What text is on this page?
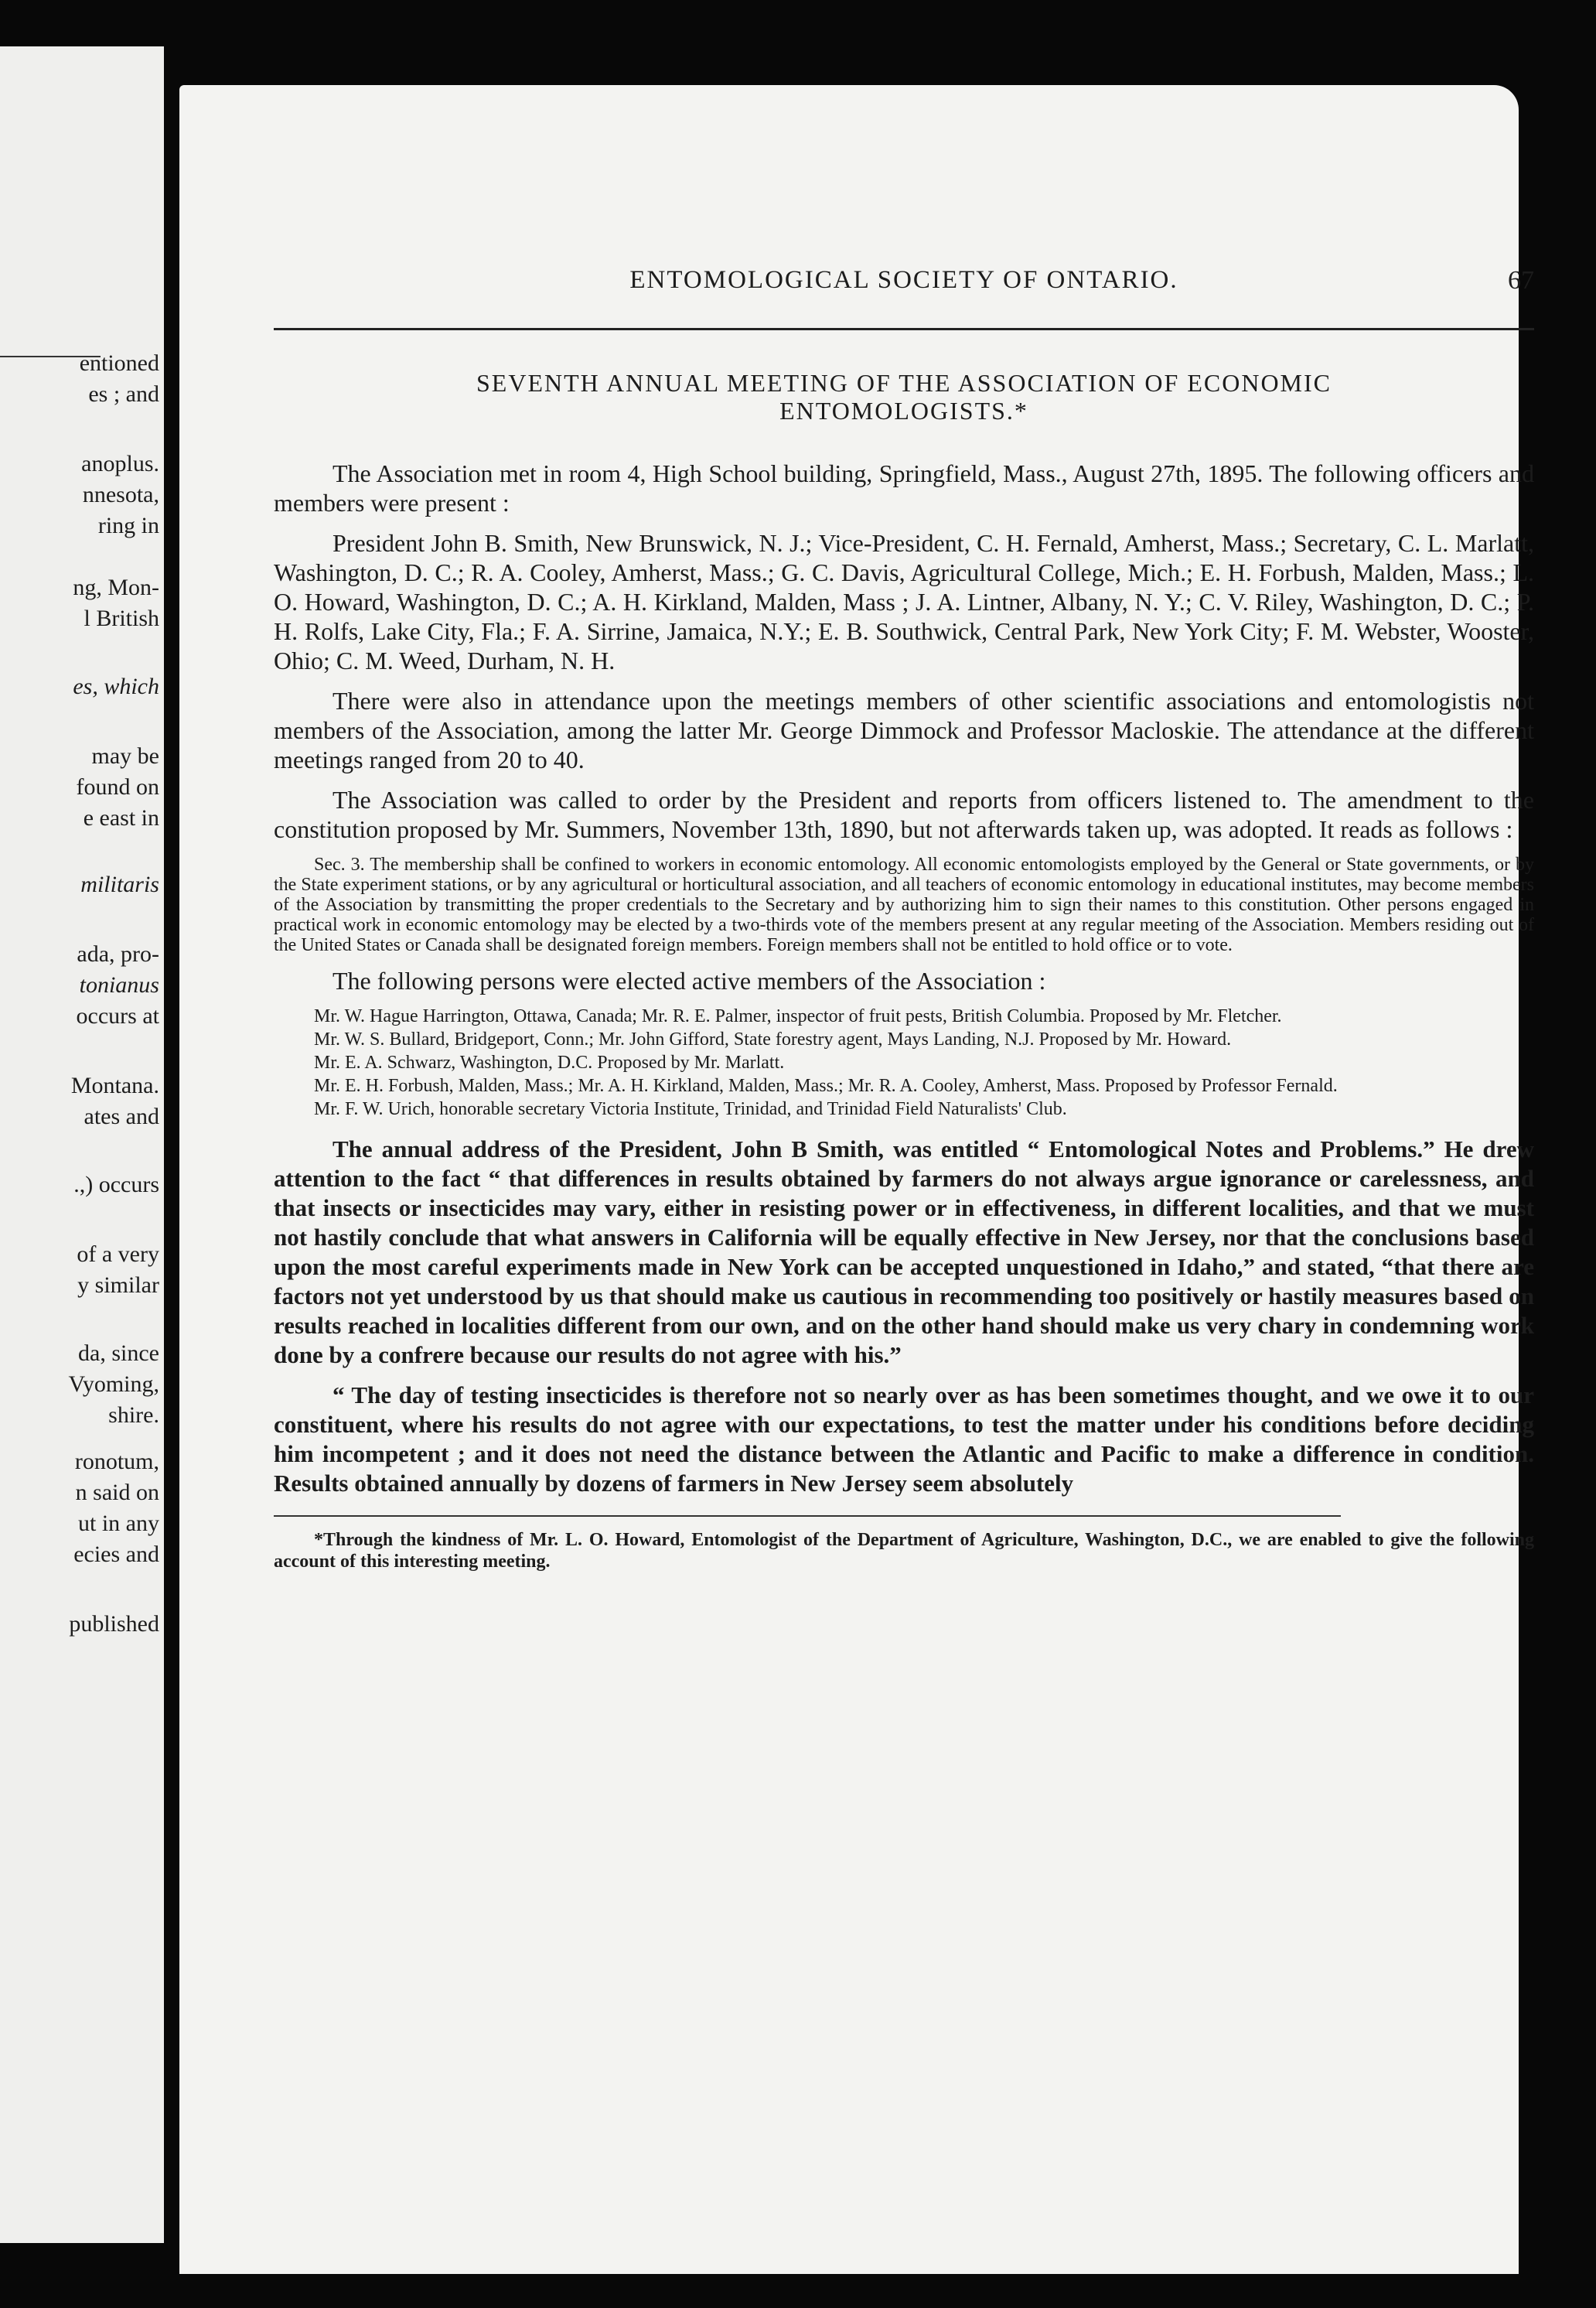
entioned
es ; and
anoplus.
nnesota,
ring in
ng, Mon-
l British
es, which
may be
found on
e east in
militaris
ada, pro-
tonianus
occurs at
Montana.
ates and
.,) occurs
of a very
y similar
da, since
Vyoming,
shire.
ronotum,
n said on
ut in any
ecies and
published
ENTOMOLOGICAL SOCIETY OF ONTARIO.	67
SEVENTH ANNUAL MEETING OF THE ASSOCIATION OF ECONOMIC
ENTOMOLOGISTS.*

The Association met in room 4, High School building, Springfield, Mass., August 27th, 1895. The following officers and members were present :

President John B. Smith, New Brunswick, N. J.; Vice-President, C. H. Fernald, Amherst, Mass.; Secretary, C. L. Marlatt, Washington, D. C.; R. A. Cooley, Amherst, Mass.; G. C. Davis, Agricultural College, Mich.; E. H. Forbush, Malden, Mass.; L. O. Howard, Washington, D. C.; A. H. Kirkland, Malden, Mass ; J. A. Lintner, Albany, N. Y.; C. V. Riley, Washington, D. C.; P. H. Rolfs, Lake City, Fla.; F. A. Sirrine, Jamaica, N.Y.; E. B. Southwick, Central Park, New York City; F. M. Webster, Wooster, Ohio; C. M. Weed, Durham, N. H.

There were also in attendance upon the meetings members of other scientific associations and entomologistis not members of the Association, among the latter Mr. George Dimmock and Professor Macloskie. The attendance at the different meetings ranged from 20 to 40.

The Association was called to order by the President and reports from officers listened to. The amendment to the constitution proposed by Mr. Summers, November 13th, 1890, but not afterwards taken up, was adopted. It reads as follows :

Sec. 3. The membership shall be confined to workers in economic entomology. All economic entomologists employed by the General or State governments, or by the State experiment stations, or by any agricultural or horticultural association, and all teachers of economic entomology in educational institutes, may become members of the Association by transmitting the proper credentials to the Secretary and by authorizing him to sign their names to this constitution. Other persons engaged in practical work in economic entomology may be elected by a two-thirds vote of the members present at any regular meeting of the Association. Members residing out of the United States or Canada shall be designated foreign members. Foreign members shall not be entitled to hold office or to vote.

The following persons were elected active members of the Association :

Mr. W. Hague Harrington, Ottawa, Canada; Mr. R. E. Palmer, inspector of fruit pests, British Columbia. Proposed by Mr. Fletcher.

Mr. W. S. Bullard, Bridgeport, Conn.; Mr. John Gifford, State forestry agent, Mays Landing, N.J. Proposed by Mr. Howard.

Mr. E. A. Schwarz, Washington, D.C. Proposed by Mr. Marlatt.

Mr. E. H. Forbush, Malden, Mass.; Mr. A. H. Kirkland, Malden, Mass.; Mr. R. A. Cooley, Amherst, Mass. Proposed by Professor Fernald.

Mr. F. W. Urich, honorable secretary Victoria Institute, Trinidad, and Trinidad Field Naturalists' Club.

The annual address of the President, John B Smith, was entitled “ Entomological Notes and Problems.” He drew attention to the fact “ that differences in results obtained by farmers do not always argue ignorance or carelessness, and that insects or insecticides may vary, either in resisting power or in effectiveness, in different localities, and that we must not hastily conclude that what answers in California will be equally effective in New Jersey, nor that the conclusions based upon the most careful experiments made in New York can be accepted unquestioned in Idaho,” and stated, “that there are factors not yet understood by us that should make us cautious in recommending too positively or hastily measures based on results reached in localities different from our own, and on the other hand should make us very chary in condemning work done by a confrere because our results do not agree with his.”

“ The day of testing insecticides is therefore not so nearly over as has been sometimes thought, and we owe it to our constituent, where his results do not agree with our expectations, to test the matter under his conditions before deciding him incompetent ; and it does not need the distance between the Atlantic and Pacific to make a difference in condition. Results obtained annually by dozens of farmers in New Jersey seem absolutely

*Through the kindness of Mr. L. O. Howard, Entomologist of the Department of Agriculture, Washington, D.C., we are enabled to give the following account of this interesting meeting.
